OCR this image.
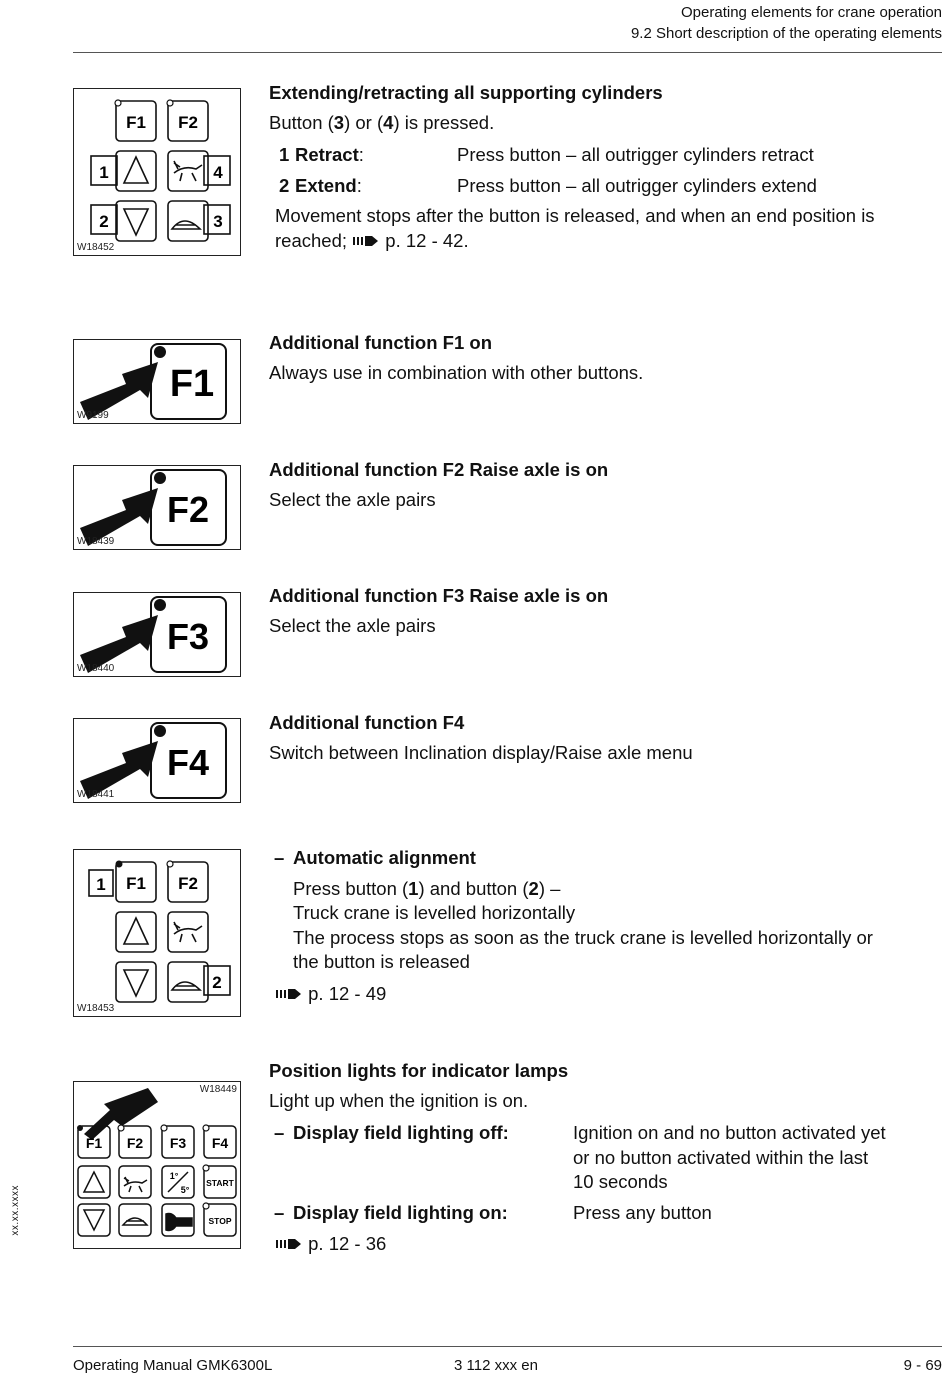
Operating elements for crane operation
9.2 Short description of the operating elements
F1 F2
1	4
2	3
W18452
Extending/retracting all supporting cylinders
Button (3) or (4) is pressed.
1 Retract:	Press button – all outrigger cylinders retract
2 Extend:	Press button – all outrigger cylinders extend
Movement stops after the button is released, and when an end position is
reached; p. 12 - 42.
F1
W9199
Additional function F1 on
Always use in combination with other buttons.
F2
W18439
Additional function F2 Raise axle is on
Select the axle pairs
F3
W18440
Additional function F3 Raise axle is on
Select the axle pairs
F4
W18441
Additional function F4
Switch between Inclination display/Raise axle menu
F1 F2
1
2
W18453
– Automatic alignment
Press button (1) and button (2) –
Truck crane is levelled horizontally
The process stops as soon as the truck crane is levelled horizontally or
the button is released
p. 12 - 49
F1 F2 F3 F4
1°
5°
START
STOP
W18449
Position lights for indicator lamps
Light up when the ignition is on.
– Display field lighting off:	Ignition on and no button activated yet
or no button activated within the last
10 seconds
– Display field lighting on:	Press any button
p. 12 - 36
xx.xx.xxxx
Operating Manual GMK6300L	3 112 xxx en	9 - 69
